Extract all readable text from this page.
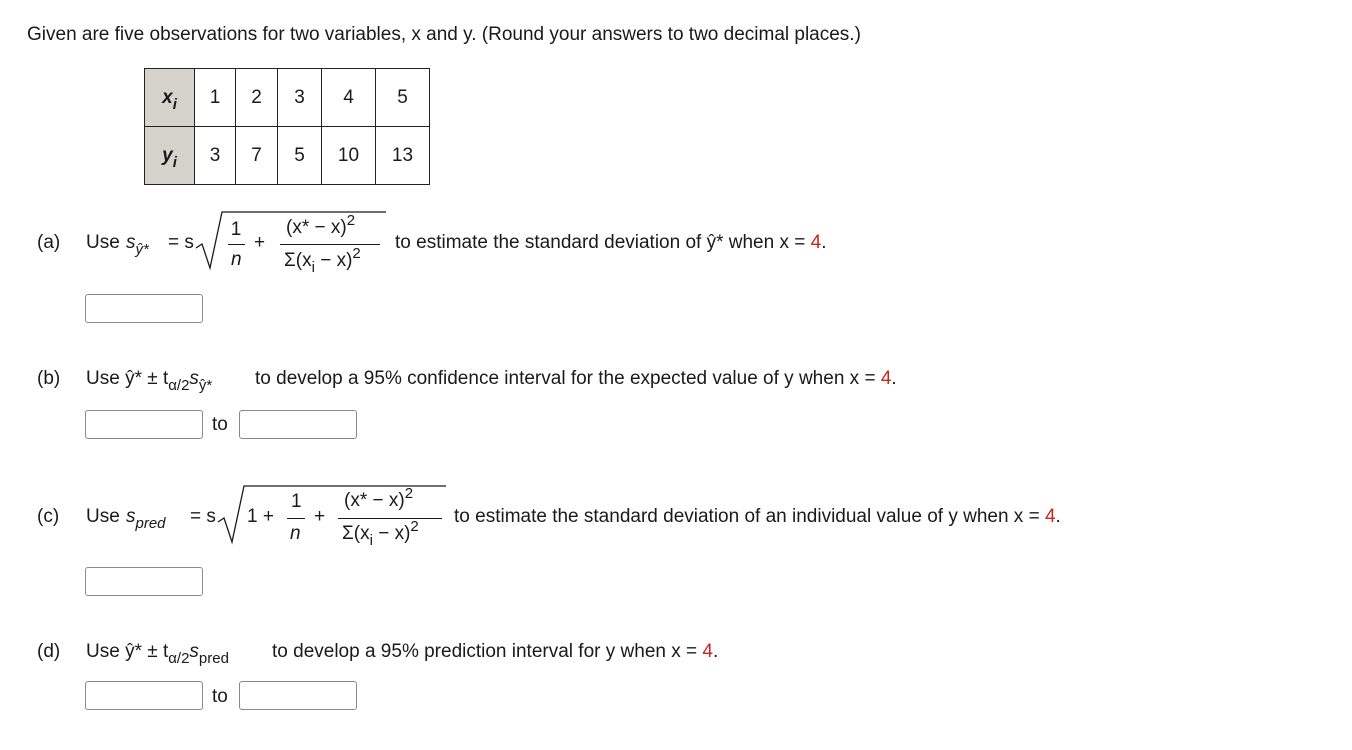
Given are five observations for two variables, x and y. (Round your answers to two decimal places.)
$x_i$	1	2	3	4	5
$y_i$	3	7	5	10	13
(a) Use $s_{ŷ*} = s$
1
n
+
$(x* - x)^2$
$\Sigma(x_i - x)^2$
to estimate the standard deviation of ŷ* when x = 4.
(b) Use ŷ* ± $t_{\alpha/2}s_{ŷ*}$ to develop a 95% confidence interval for the expected value of y when x = 4.
to
(c) Use $s_{pred} = s$ 1 +
1
n
+
$(x* - x)^2$
$\Sigma(x_i - x)^2$ to estimate the standard deviation of an individual value of y when x = 4.
(d) Use ŷ* ± $t_{\alpha/2}s_{pred}$ to develop a 95% prediction interval for y when x = 4.
to
